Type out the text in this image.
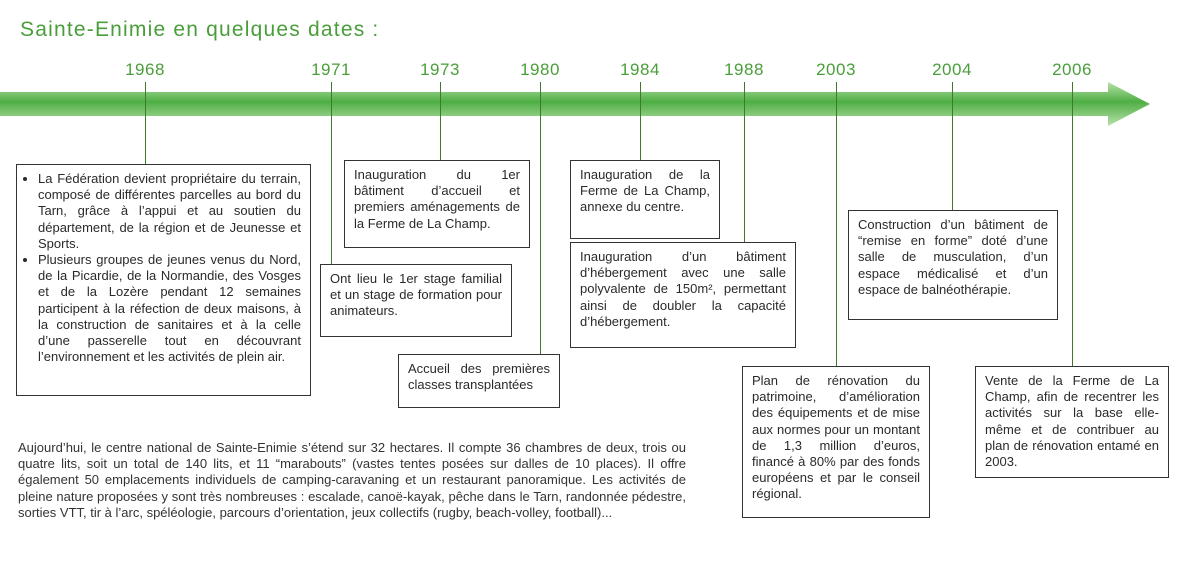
Sainte-Enimie en quelques dates :
1968	1971	1973	1980	1984	1988	2003	2004	2006
• La Fédération devient propriétaire du terrain, composé de différentes parcelles au bord du Tarn, grâce à l’appui et au soutien du département, de la région et de Jeunesse et Sports.
• Plusieurs groupes de jeunes venus du Nord, de la Picardie, de la Normandie, des Vosges et de la Lozère pendant 12 semaines participent à la réfection de deux maisons, à la construction de sanitaires et à la celle d’une passerelle tout en découvrant l’environnement et les activités de plein air.
Ont lieu le 1er stage familial et un stage de formation pour animateurs.
Inauguration du 1er bâtiment d’accueil et premiers aménagements de la Ferme de La Champ.
Accueil des premières classes transplantées
Inauguration de la Ferme de La Champ, annexe du centre.
Inauguration d’un bâtiment d’hébergement avec une salle polyvalente de 150m², permettant ainsi de doubler la capacité d’hébergement.
Plan de rénovation du patrimoine, d’amélioration des équipements et de mise aux normes pour un montant de 1,3 million d’euros, financé à 80% par des fonds européens et par le conseil régional.
Construction d’un bâtiment de “remise en forme” doté d’une salle de musculation, d’un espace médicalisé et d’un espace de balnéothérapie.
Vente de la Ferme de La Champ, afin de recentrer les activités sur la base elle-même et de contribuer au plan de rénovation entamé en 2003.
Aujourd’hui, le centre national de Sainte-Enimie s’étend sur 32 hectares. Il compte 36 chambres de deux, trois ou quatre lits, soit un total de 140 lits, et 11 “marabouts” (vastes tentes posées sur dalles de 10 places). Il offre également 50 emplacements individuels de camping-caravaning et un restaurant panoramique. Les activités de pleine nature proposées y sont très nombreuses : escalade, canoë-kayak, pêche dans le Tarn, randonnée pédestre, sorties VTT, tir à l’arc, spéléologie, parcours d’orientation, jeux collectifs (rugby, beach-volley, football)...
